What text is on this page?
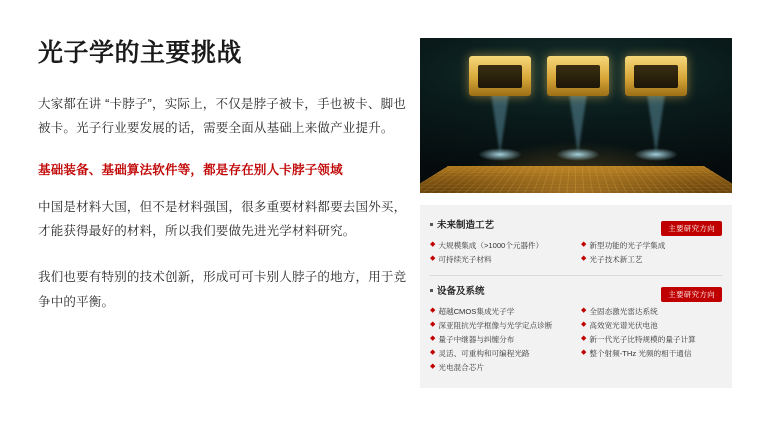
光子学的主要挑战

大家都在讲 “卡脖子”，实际上，不仅是脖子被卡，手也被卡、脚也被卡。光子行业要发展的话，需要全面从基础上来做产业提升。

基础装备、基础算法软件等，都是存在别人卡脖子领域

中国是材料大国，但不是材料强国，很多重要材料都要去国外买，才能获得最好的材料，所以我们要做先进光学材料研究。

我们也要有特别的技术创新，形成可可卡别人脖子的地方，用于竞争中的平衡。

未来制造工艺	主要研究方向
◆ 大规模集成（>1000个元器件）
◆ 可持续光子材料
◆ 新型功能的光子学集成
◆ 光子技术新工艺
设备及系统	主要研究方向
◆ 超越CMOS集成光子学
◆ 深亚阻抗光学框像与光学定点诊断
◆ 量子中继器与纠缠分布
◆ 灵活、可重构和可编程光路
◆ 光电混合芯片
◆ 全固态激光雷达系统
◆ 高效宽光谱光伏电池
◆ 新一代光子比特规模的量子计算
◆ 整个射频-THz 光频的相干通信
